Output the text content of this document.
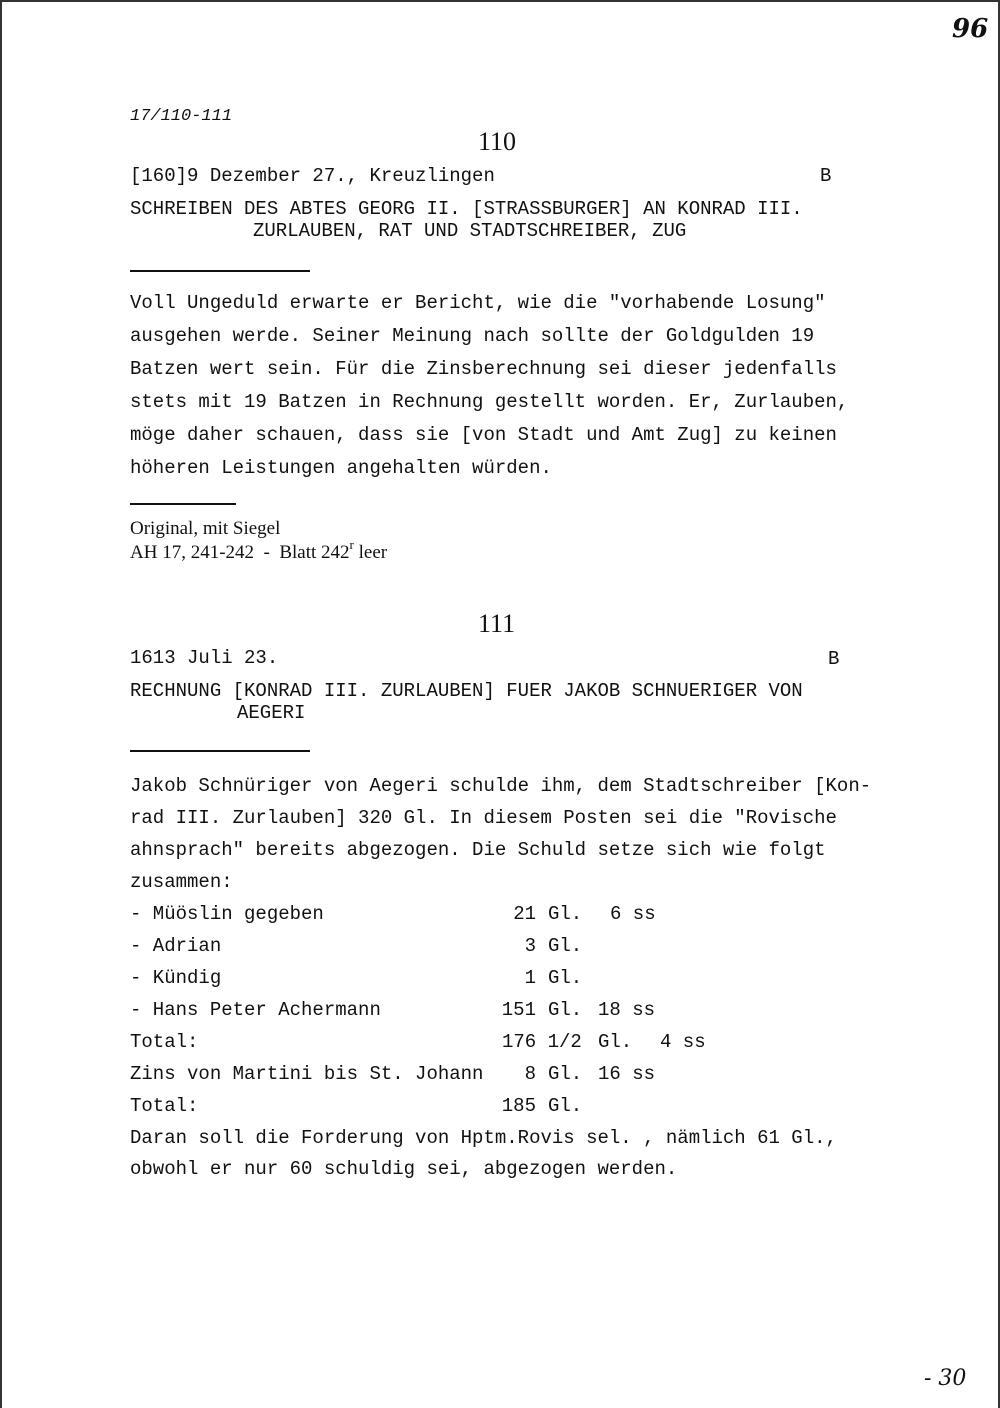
96
17/110-111
110
[160]9 Dezember 27., Kreuzlingen	B
SCHREIBEN DES ABTES GEORG II. [STRASSBURGER] AN KONRAD III.
ZURLAUBEN, RAT UND STADTSCHREIBER, ZUG
Voll Ungeduld erwarte er Bericht, wie die "vorhabende Losung"
ausgehen werde. Seiner Meinung nach sollte der Goldgulden 19
Batzen wert sein. Für die Zinsberechnung sei dieser jedenfalls
stets mit 19 Batzen in Rechnung gestellt worden. Er, Zurlauben,
möge daher schauen, dass sie [von Stadt und Amt Zug] zu keinen
höheren Leistungen angehalten würden.
Original, mit Siegel
AH 17, 241-242  -  Blatt 242$^r$ leer
111
1613 Juli 23.	B
RECHNUNG [KONRAD III. ZURLAUBEN] FUER JAKOB SCHNUERIGER VON
AEGERI
Jakob Schnüriger von Aegeri schulde ihm, dem Stadtschreiber [Kon-
rad III. Zurlauben] 320 Gl. In diesem Posten sei die "Rovische
ahnsprach" bereits abgezogen. Die Schuld setze sich wie folgt
zusammen:
- Müöslin gegeben	21 Gl. 6 ss
- Adrian	3 Gl.
- Kündig	1 Gl.
- Hans Peter Achermann	151 Gl. 18 ss
Total:	176 1/2 Gl. 4 ss
Zins von Martini bis St. Johann	8 Gl. 16 ss
Total:	185 Gl.
Daran soll die Forderung von Hptm.Rovis sel. , nämlich 61 Gl.,
obwohl er nur 60 schuldig sei, abgezogen werden.
- 30
